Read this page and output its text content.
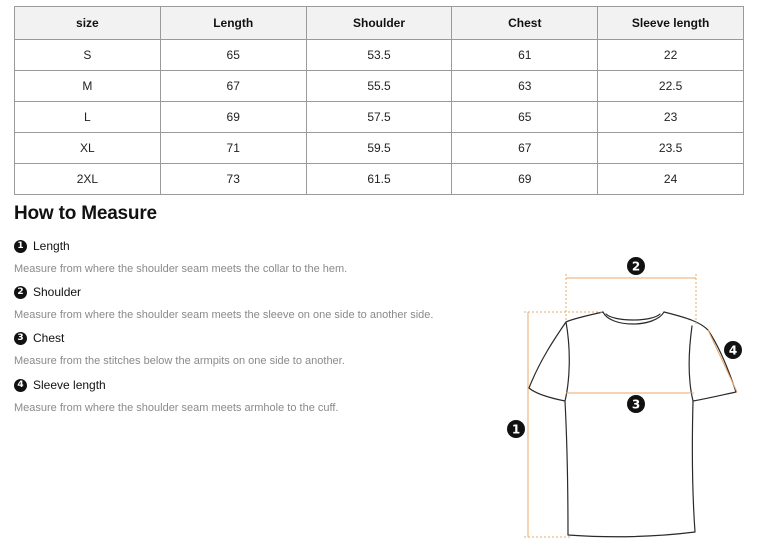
size	Length	Shoulder	Chest	Sleeve length
S	65	53.5	61	22
M	67	55.5	63	22.5
L	69	57.5	65	23
XL	71	59.5	67	23.5
2XL	73	61.5	69	24
How to Measure
1 Length
Measure from where the shoulder seam meets the collar to the hem.
2 Shoulder
Measure from where the shoulder seam meets the sleeve on one side to another side.
3 Chest
Measure from the stitches below the armpits on one side to another.
4 Sleeve length
Measure from where the shoulder seam meets armhole to the cuff.
1
2
3
4
